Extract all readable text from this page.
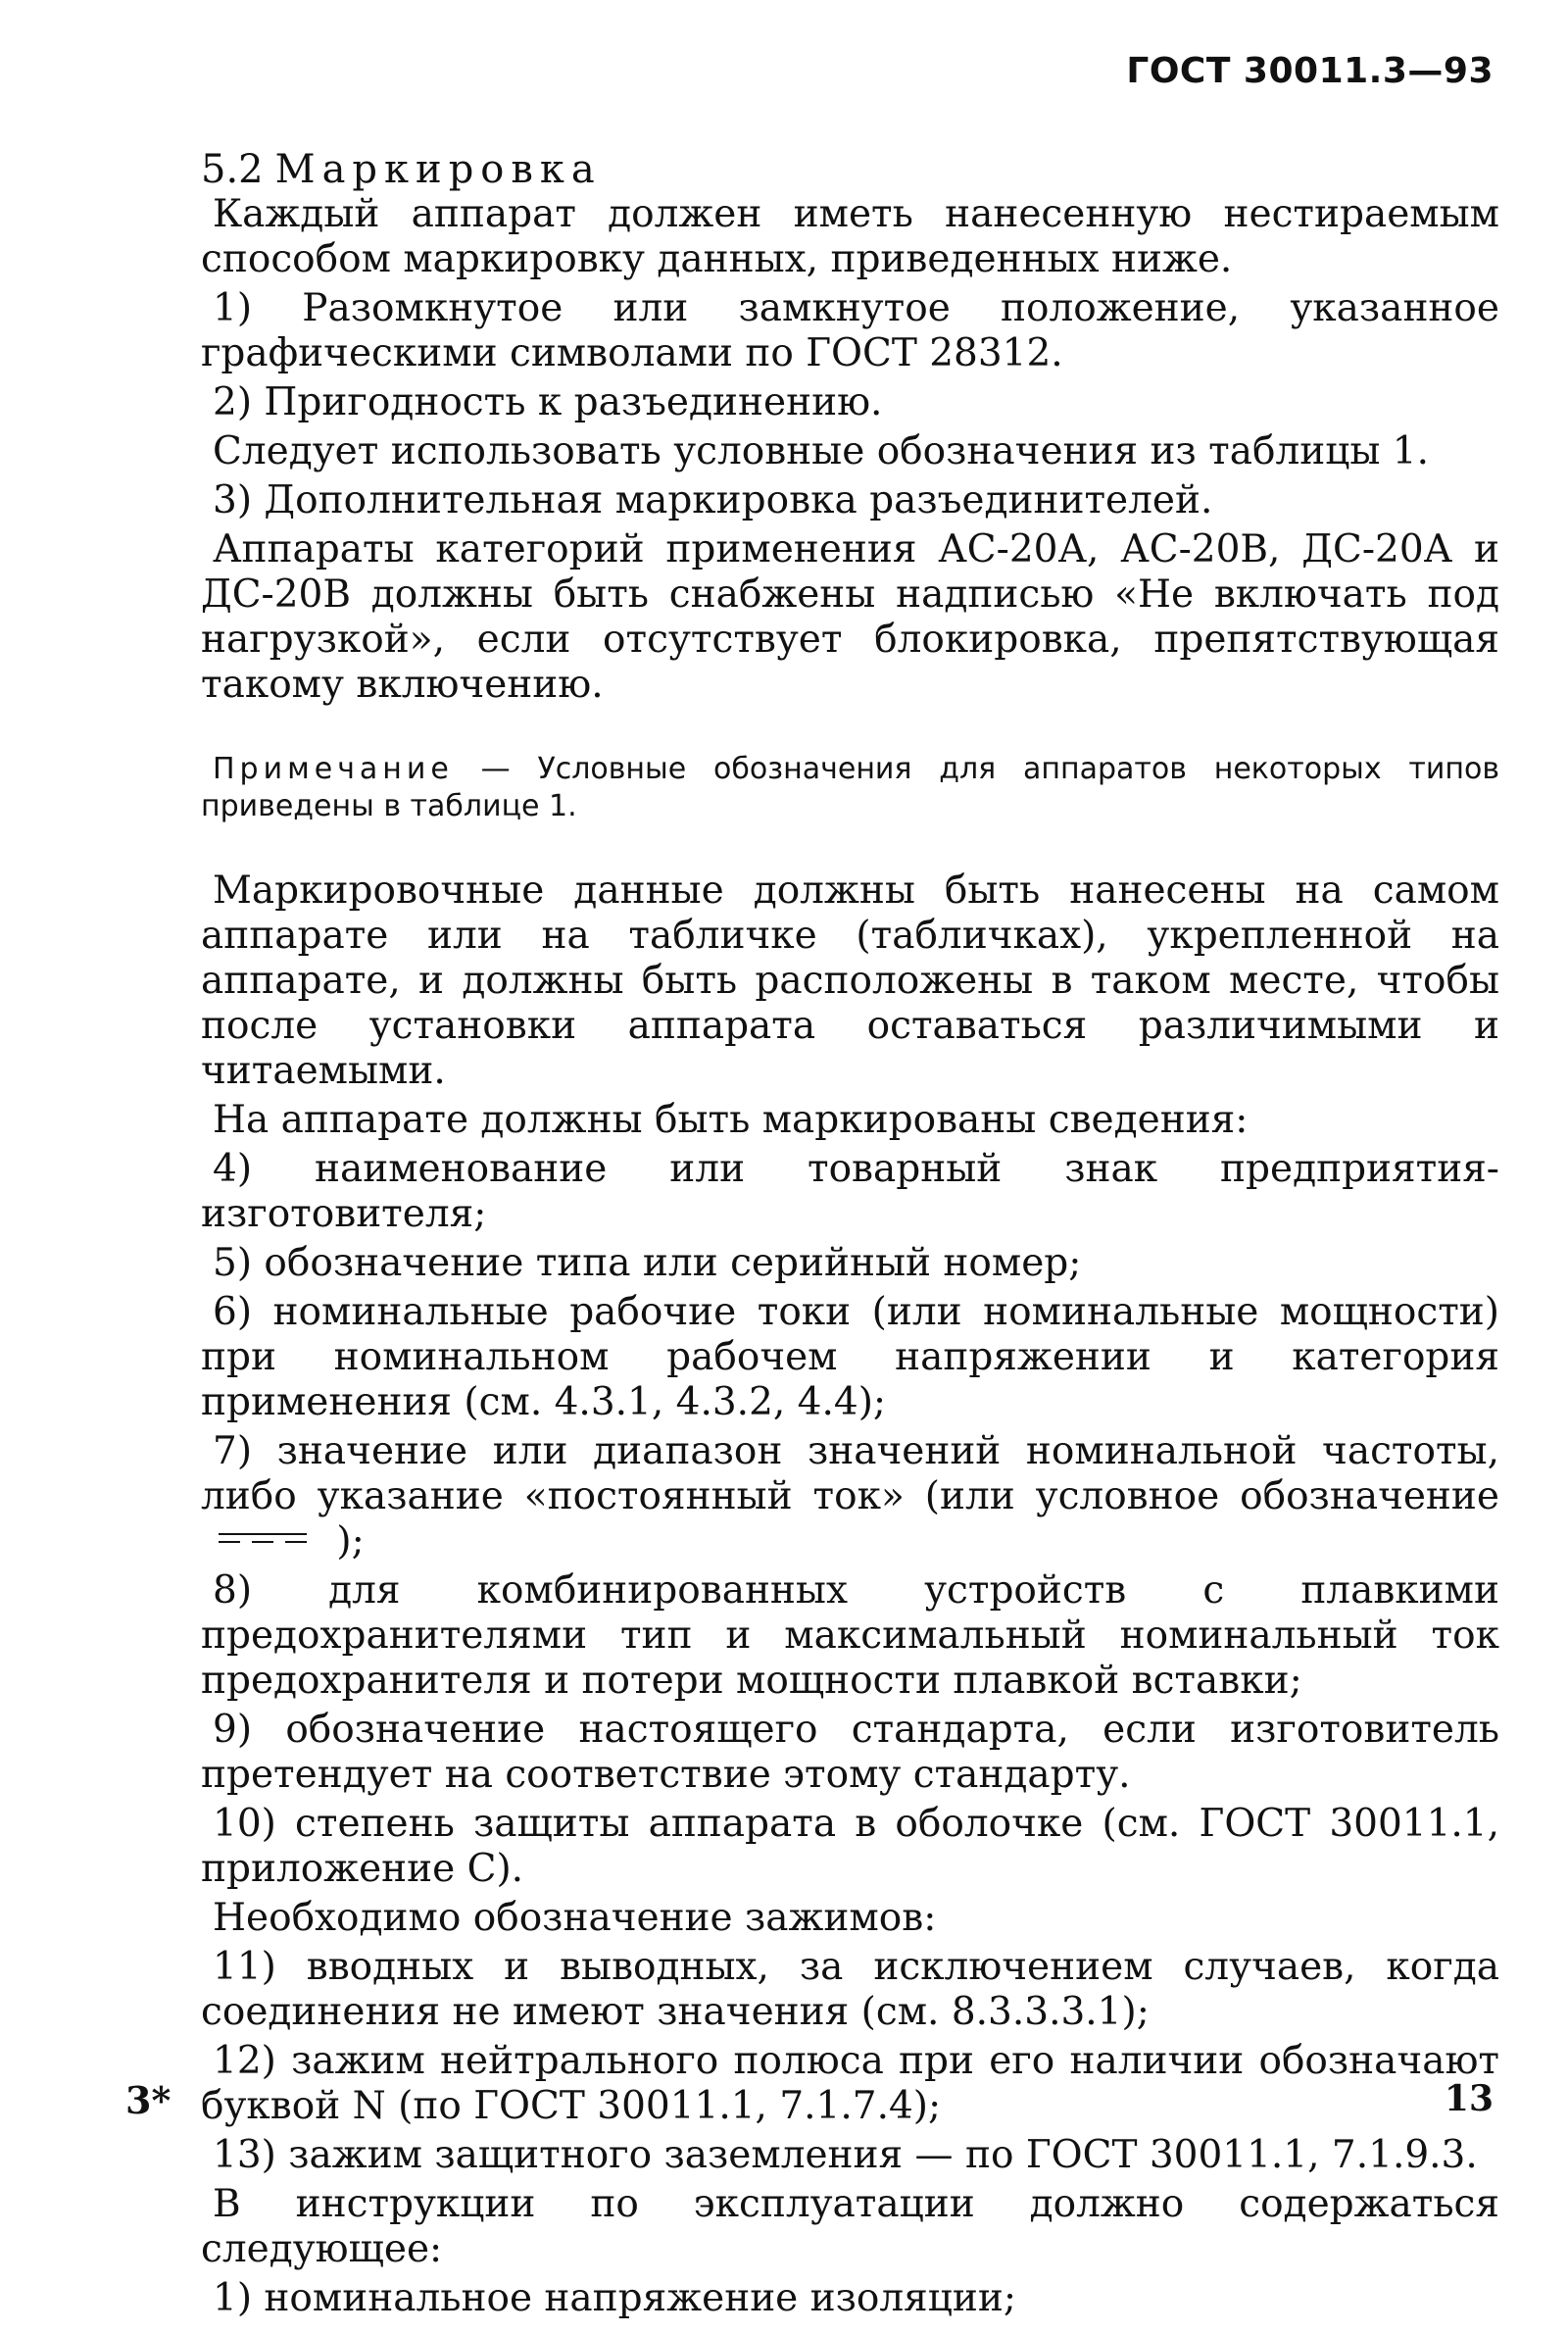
ГОСТ 30011.3—93
5.2 Маркировка

Каждый аппарат должен иметь нанесенную нестираемым способом маркировку данных, приведенных ниже.

1) Разомкнутое или замкнутое положение, указанное графическими символами по ГОСТ 28312.

2) Пригодность к разъединению.

Следует использовать условные обозначения из таблицы 1.

3) Дополнительная маркировка разъединителей.

Аппараты категорий применения АС-20А, АС-20В, ДС-20А и ДС-20В должны быть снабжены надписью «Не включать под нагрузкой», если отсутствует блокировка, препятствующая такому включению.

Примечание — Условные обозначения для аппаратов некоторых типов приведены в таблице 1.

Маркировочные данные должны быть нанесены на самом аппарате или на табличке (табличках), укрепленной на аппарате, и должны быть расположены в таком месте, чтобы после установки аппарата оставаться различимыми и читаемыми.

На аппарате должны быть маркированы сведения:

4) наименование или товарный знак предприятия-изготовителя;

5) обозначение типа или серийный номер;

6) номинальные рабочие токи (или номинальные мощности) при номинальном рабочем напряжении и категория применения (см. 4.3.1, 4.3.2, 4.4);

7) значение или диапазон значений номинальной частоты, либо указание «постоянный ток» (или условное обозначение  );

8) для комбинированных устройств с плавкими предохранителями тип и максимальный номинальный ток предохранителя и потери мощности плавкой вставки;

9) обозначение настоящего стандарта, если изготовитель претендует на соответствие этому стандарту.

10) степень защиты аппарата в оболочке (см. ГОСТ 30011.1, приложение С).

Необходимо обозначение зажимов:

11) вводных и выводных, за исключением случаев, когда соединения не имеют значения (см. 8.3.3.3.1);

12) зажим нейтрального полюса при его наличии обозначают буквой N (по ГОСТ 30011.1, 7.1.7.4);

13) зажим защитного заземления — по ГОСТ 30011.1, 7.1.9.3.

В инструкции по эксплуатации должно содержаться следующее:

1) номинальное напряжение изоляции;

3*	13
